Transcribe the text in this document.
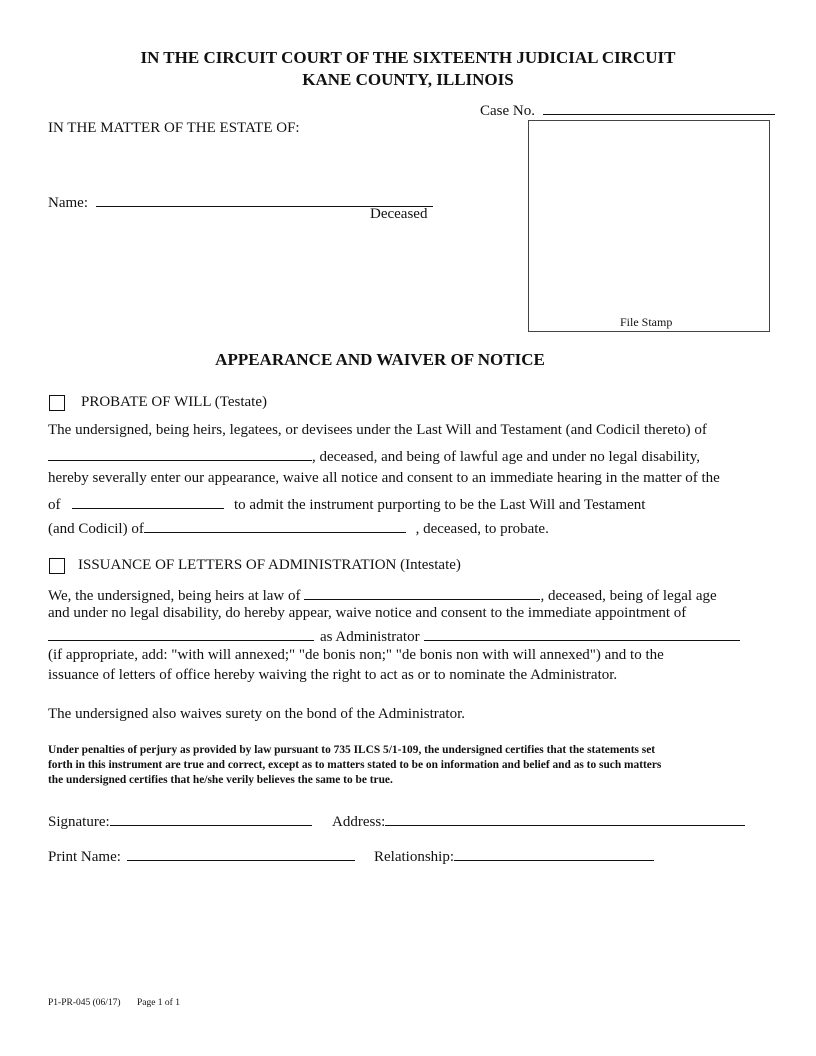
IN THE CIRCUIT COURT OF THE SIXTEENTH JUDICIAL CIRCUIT
KANE COUNTY, ILLINOIS
Case No.
IN THE MATTER OF THE ESTATE OF:
Name:
Deceased
File Stamp
APPEARANCE AND WAIVER OF NOTICE
PROBATE OF WILL (Testate)
The undersigned, being heirs, legatees, or devisees under the Last Will and Testament (and Codicil thereto) of
, deceased, and being of lawful age and under no legal disability,
hereby severally enter our appearance, waive all notice and consent to an immediate hearing in the matter of the
of	to admit the instrument purporting to be the Last Will and Testament
(and Codicil) of	, deceased, to probate.
ISSUANCE OF LETTERS OF ADMINISTRATION (Intestate)
We, the undersigned, being heirs at law of	, deceased, being of legal age
and under no legal disability, do hereby appear, waive notice and consent to the immediate appointment of
as Administrator
(if appropriate, add: "with will annexed;" "de bonis non;" "de bonis non with will annexed") and to the
issuance of letters of office hereby waiving the right to act as or to nominate the Administrator.
The undersigned also waives surety on the bond of the Administrator.
Under penalties of perjury as provided by law pursuant to 735 ILCS 5/1-109, the undersigned certifies that the statements set
forth in this instrument are true and correct, except as to matters stated to be on information and belief and as to such matters
the undersigned certifies that he/she verily believes the same to be true.
Signature:	Address:
Print Name:	Relationship:
P1-PR-045 (06/17) Page 1 of 1
